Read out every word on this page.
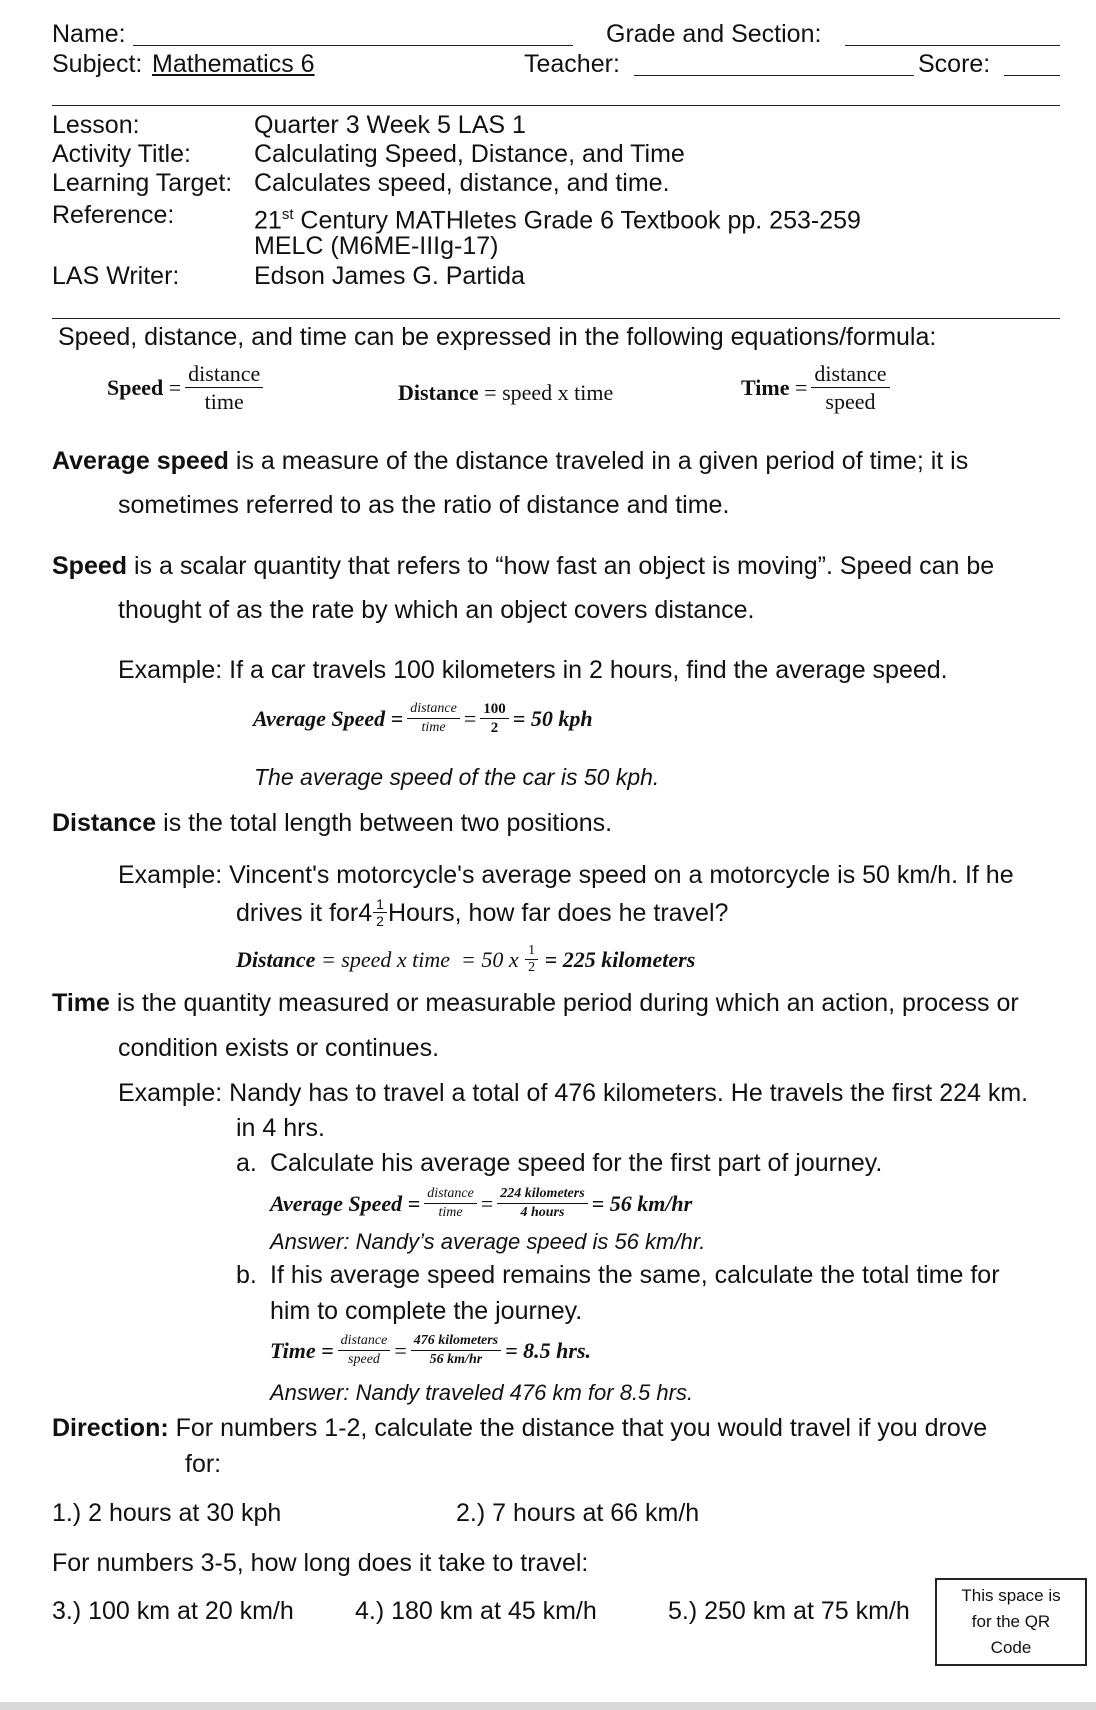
Name:	Grade and Section:
Subject: Mathematics 6	Teacher:	Score:
Lesson:	Quarter 3 Week 5 LAS 1
Activity Title:	Calculating Speed, Distance, and Time
Learning Target: Calculates speed, distance, and time.
Reference:	21st Century MATHletes Grade 6 Textbook pp. 253-259
MELC (M6ME-IIIg-17)
LAS Writer:	Edson James G. Partida
Speed, distance, and time can be expressed in the following equations/formula:
Speed
= $\frac{\text{distance}}{\text{time}}$	Distance = speed x time	Time
= $\frac{\text{distance}}{\text{speed}}$
Average speed is a measure of the distance traveled in a given period of time; it is
sometimes referred to as the ratio of distance and time.
Speed is a scalar quantity that refers to “how fast an object is moving”. Speed can be
thought of as the rate by which an object covers distance.
Example: If a car travels 100 kilometers in 2 hours, find the average speed.
Average Speed = $\frac{\text{distance}}{\text{time}} = \frac{100}{2} = 50$ kph
The average speed of the car is 50 kph.
Distance is the total length between two positions.
Example: Vincent's motorcycle's average speed on a motorcycle is 50 km/h. If he
drives it for $4 \frac{1}{2}$ Hours, how far does he travel?
Distance = speed x time  = 50 x $\frac{1}{2} = 225$ kilometers
Time is the quantity measured or measurable period during which an action, process or
condition exists or continues.
Example: Nandy has to travel a total of 476 kilometers. He travels the first 224 km.
in 4 hrs.
a. Calculate his average speed for the first part of journey.
Average Speed = $\frac{\text{distance}}{\text{time}} = \frac{\text{224 kilometers}}{\text{4 hours}} = 56$ km/hr
Answer: Nandy’s average speed is 56 km/hr.
b. If his average speed remains the same, calculate the total time for
him to complete the journey.
Time = $\frac{\text{distance}}{\text{speed}} = \frac{\text{476 kilometers}}{56 km/hr} = 8.5$ hrs.
Answer: Nandy traveled 476 km for 8.5 hrs.
Direction: For numbers 1-2, calculate the distance that you would travel if you drove
for:
1.) 2 hours at 30 kph	2.) 7 hours at 66 km/h
For numbers 3-5, how long does it take to travel:
3.) 100 km at 20 km/h 4.) 180 km at 45 km/h	5.) 250 km at 75 km/h
This space is
for the QR
Code
